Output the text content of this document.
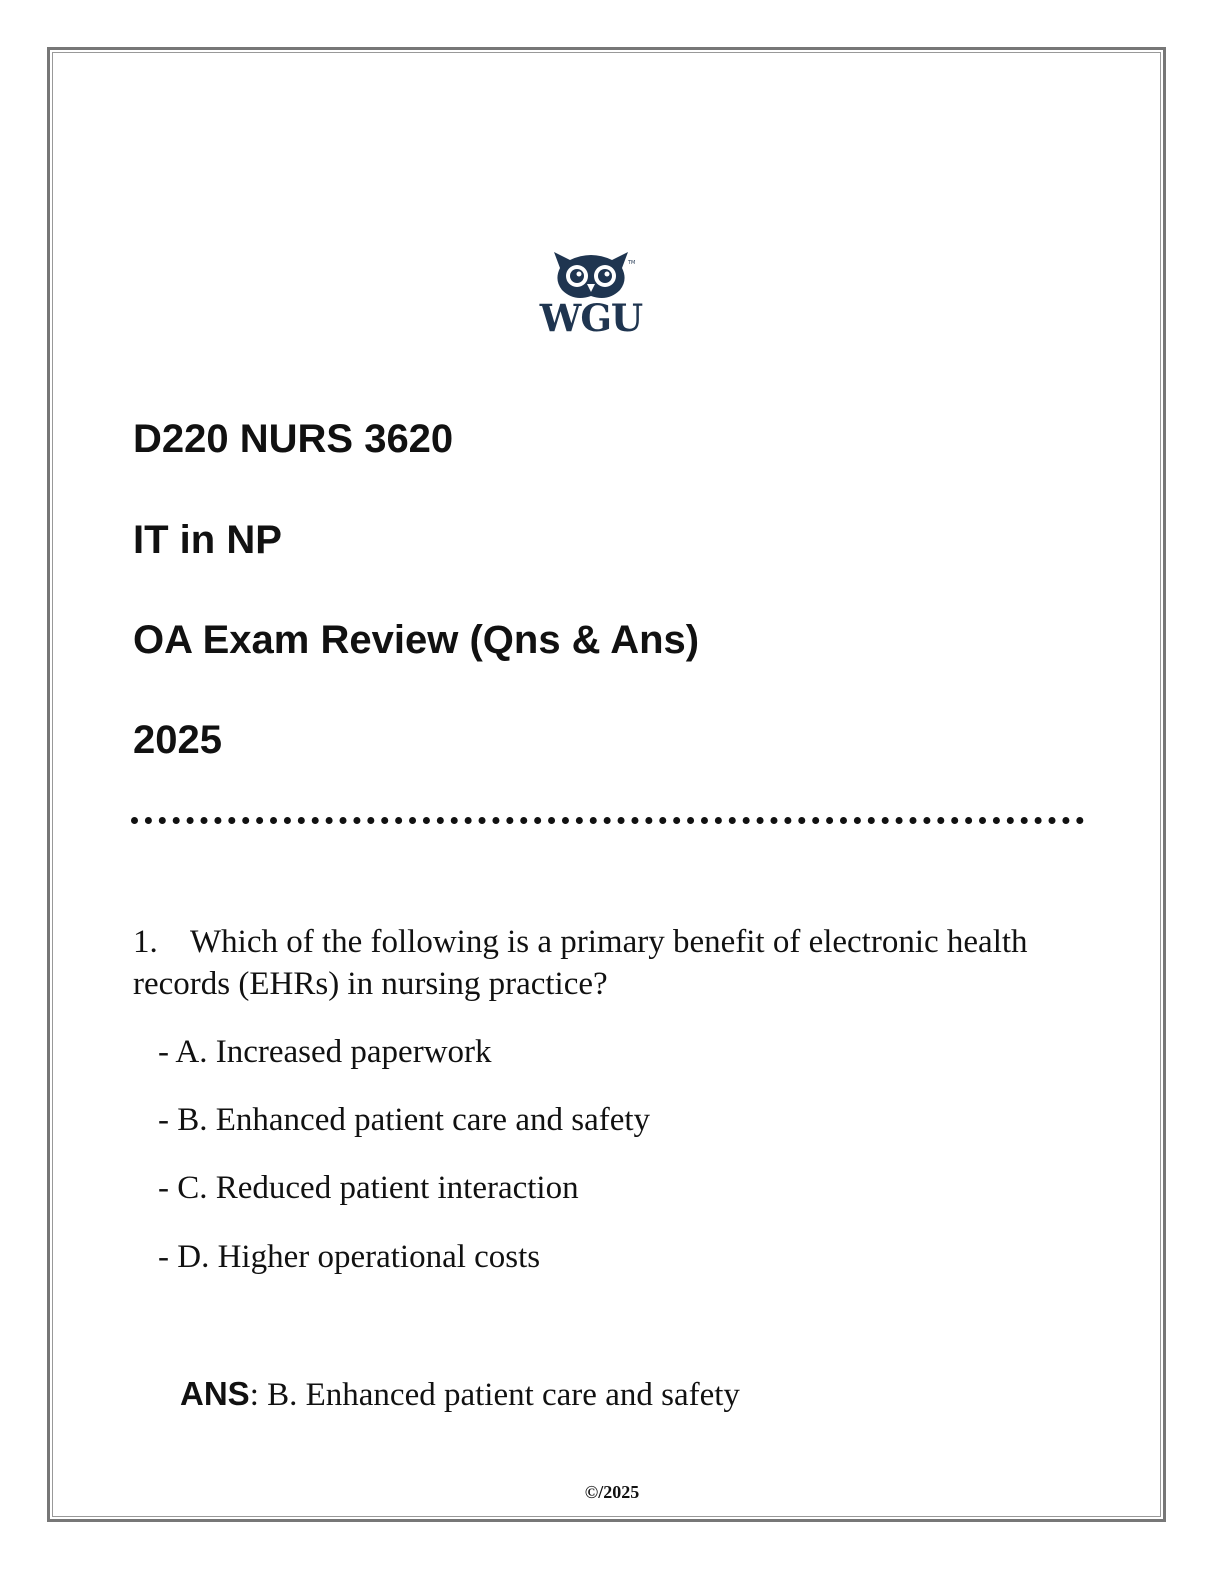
TM
WGU
D220 NURS 3620
IT in NP
OA Exam Review (Qns & Ans)
2025
1. Which of the following is a primary benefit of electronic health records (EHRs) in nursing practice?
- A. Increased paperwork
- B. Enhanced patient care and safety
- C. Reduced patient interaction
- D. Higher operational costs
ANS: B. Enhanced patient care and safety
©/2025
